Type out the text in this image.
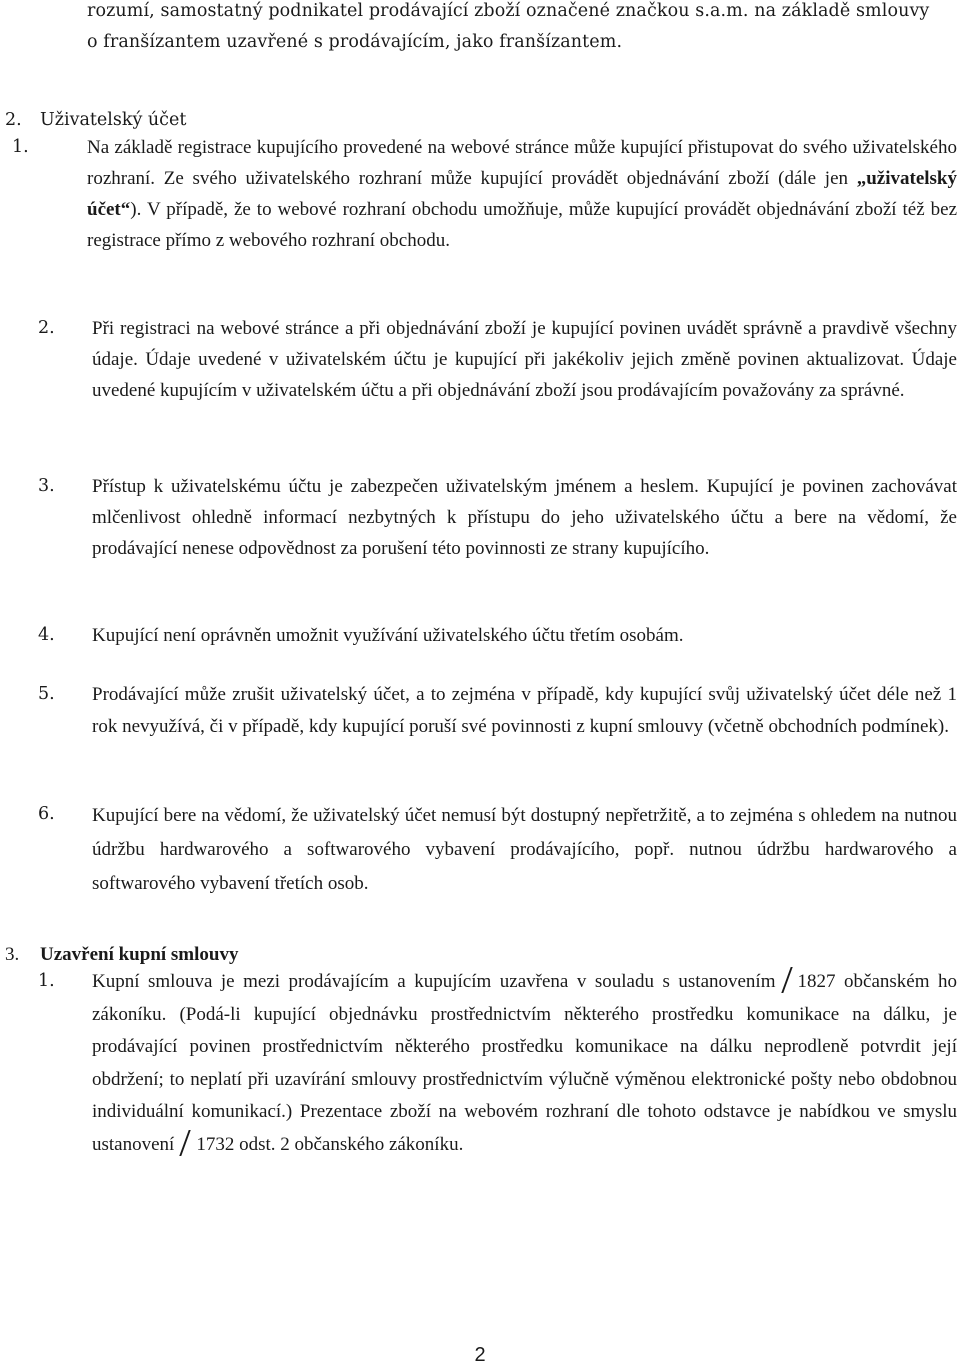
rozumí, samostatný podnikatel prodávající zboží označené značkou s.a.m. na základě smlouvy
o franšízantem uzavřené s prodávajícím, jako franšízantem.
2. Uživatelský účet
1.	Na základě registrace kupujícího provedené na webové stránce může kupující přistupovat do svého uživatelského rozhraní. Ze svého uživatelského rozhraní může kupující provádět objednávání zboží (dále jen „uživatelský účet“). V případě, že to webové rozhraní obchodu umožňuje, může kupující provádět objednávání zboží též bez registrace přímo z webového rozhraní obchodu.
2. Při registraci na webové stránce a při objednávání zboží je kupující povinen uvádět správně a pravdivě všechny údaje. Údaje uvedené v uživatelském účtu je kupující při jakékoliv jejich změně povinen aktualizovat. Údaje uvedené kupujícím v uživatelském účtu a při objednávání zboží jsou prodávajícím považovány za správné.
3. Přístup k uživatelskému účtu je zabezpečen uživatelským jménem a heslem. Kupující je povinen zachovávat mlčenlivost ohledně informací nezbytných k přístupu do jeho uživatelského účtu a bere na vědomí, že prodávající nenese odpovědnost za porušení této povinnosti ze strany kupujícího.
4. Kupující není oprávněn umožnit využívání uživatelského účtu třetím osobám.
5. Prodávající může zrušit uživatelský účet, a to zejména v případě, kdy kupující svůj uživatelský účet déle než 1 rok nevyužívá, či v případě, kdy kupující poruší své povinnosti z kupní smlouvy (včetně obchodních podmínek).
6. Kupující bere na vědomí, že uživatelský účet nemusí být dostupný nepřetržitě, a to zejména s ohledem na nutnou údržbu hardwarového a softwarového vybavení prodávajícího, popř. nutnou údržbu hardwarového a softwarového vybavení třetích osob.
3. Uzavření kupní smlouvy
1. Kupní smlouva je mezi prodávajícím a kupujícím uzavřena v souladu s ustanovením 1827 občanském ho zákoníku. (Podá-li kupující objednávku prostřednictvím některého prostředku komunikace na dálku, je prodávající povinen prostřednictvím některého prostředku komunikace na dálku neprodleně potvrdit její obdržení; to neplatí při uzavírání smlouvy prostřednictvím výlučně výměnou elektronické pošty nebo obdobnou individuální komunikací.) Prezentace zboží na webovém rozhraní dle tohoto odstavce je nabídkou ve smyslu ustanovení 1732 odst. 2 občanského zákoníku.
2
